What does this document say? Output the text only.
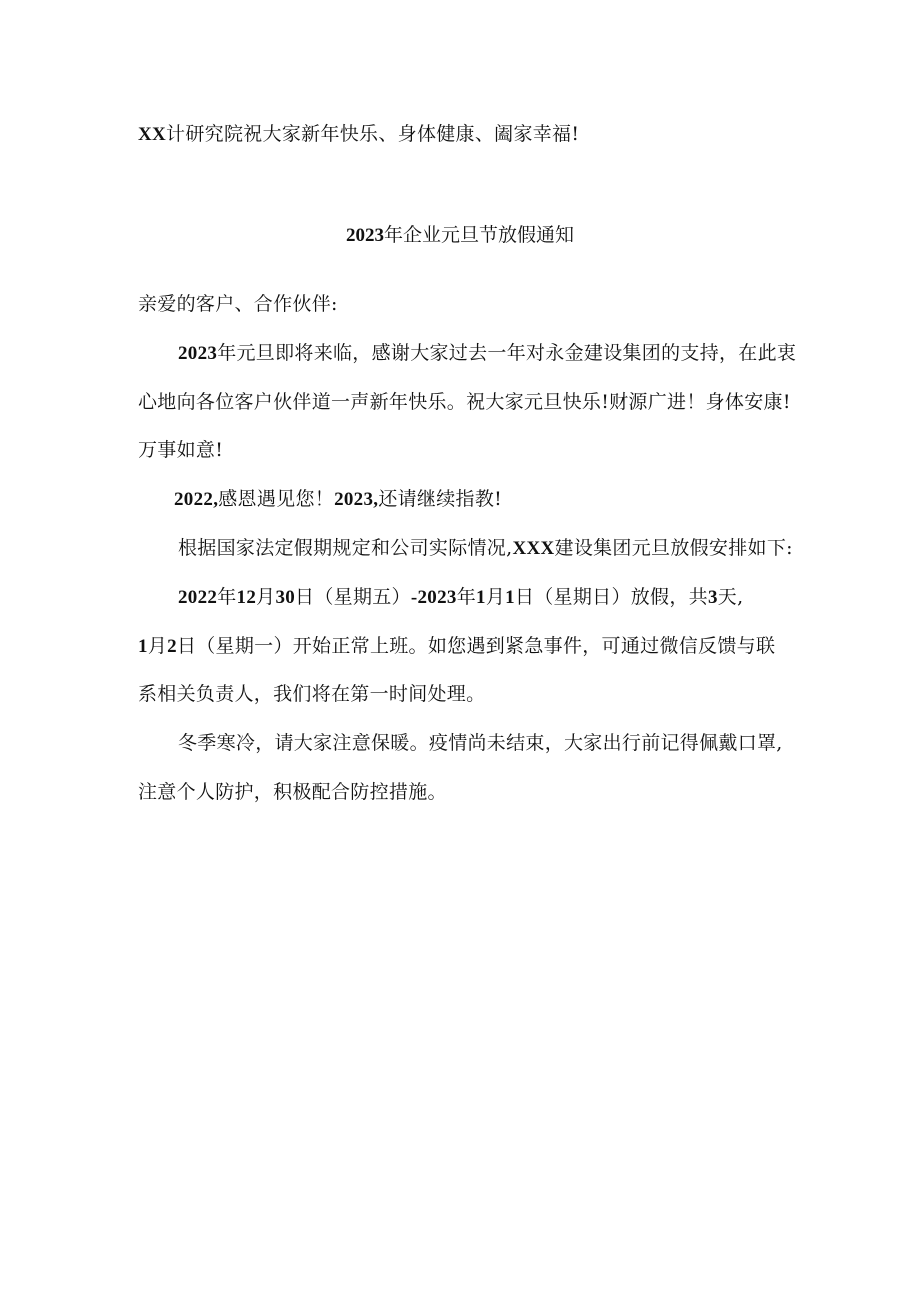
XX计研究院祝大家新年快乐、身体健康、阖家幸福!
2023年企业元旦节放假通知
亲爱的客户、合作伙伴:
2023年元旦即将来临，感谢大家过去一年对永金建设集团的支持，在此衷
心地向各位客户伙伴道一声新年快乐。祝大家元旦快乐!财源广进！身体安康!
万事如意!
2022,感恩遇见您！2023,还请继续指教!
根据国家法定假期规定和公司实际情况,XXX建设集团元旦放假安排如下:
2022年12月30日（星期五）-2023年1月1日（星期日）放假，共3天,
1月2日（星期一）开始正常上班。如您遇到紧急事件，可通过微信反馈与联
系相关负责人，我们将在第一时间处理。
冬季寒冷，请大家注意保暖。疫情尚未结束，大家出行前记得佩戴口罩,
注意个人防护，积极配合防控措施。
